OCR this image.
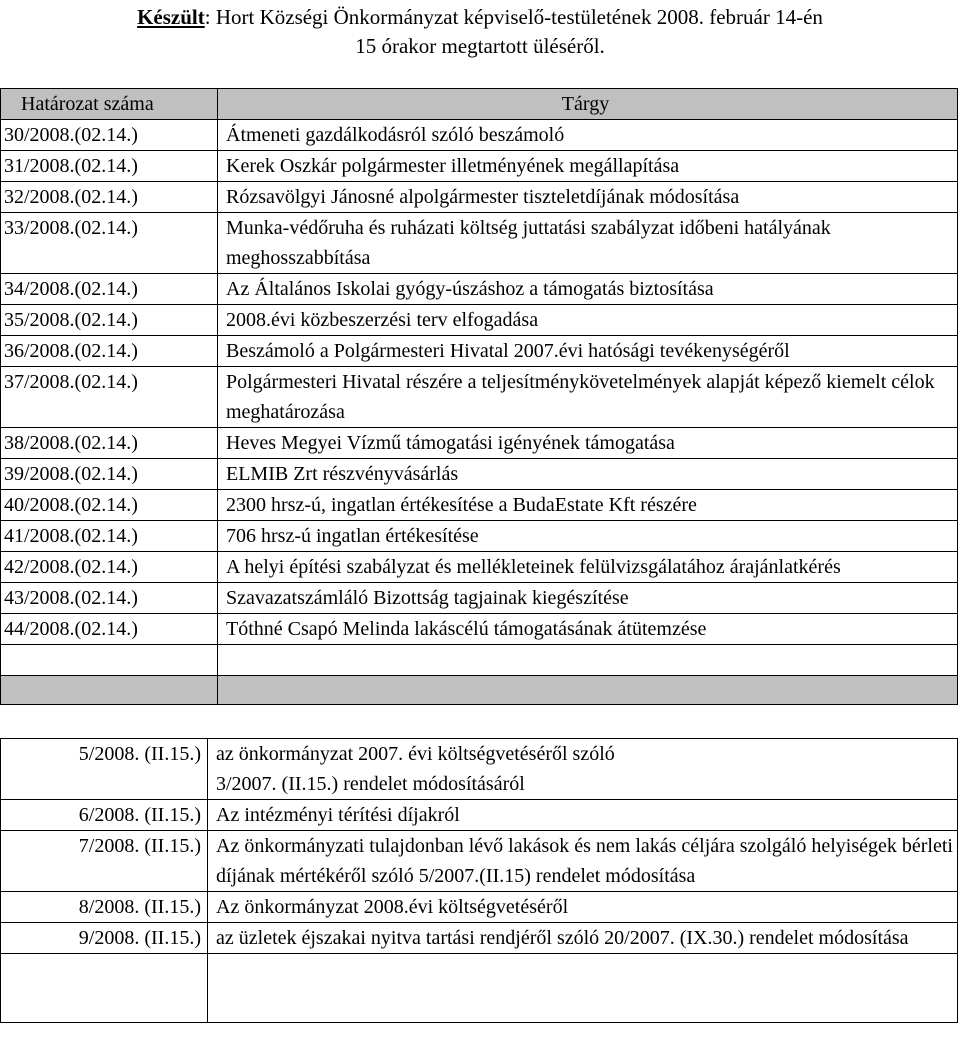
Készült: Hort Községi Önkormányzat képviselő-testületének 2008. február 14-én
15 órakor megtartott üléséről.
Határozat száma	Tárgy
30/2008.(02.14.)	Átmeneti gazdálkodásról szóló beszámoló
31/2008.(02.14.)	Kerek Oszkár polgármester illetményének megállapítása
32/2008.(02.14.)	Rózsavölgyi Jánosné alpolgármester tiszteletdíjának módosítása
33/2008.(02.14.)	Munka-védőruha és ruházati költség juttatási szabályzat időbeni hatályának meghosszabbítása
34/2008.(02.14.)	Az Általános Iskolai gyógy-úszáshoz a támogatás biztosítása
35/2008.(02.14.)	2008.évi közbeszerzési terv elfogadása
36/2008.(02.14.)	Beszámoló a Polgármesteri Hivatal 2007.évi hatósági tevékenységéről
37/2008.(02.14.)	Polgármesteri Hivatal részére a teljesítménykövetelmények alapját képező kiemelt célok meghatározása
38/2008.(02.14.)	Heves Megyei Vízmű támogatási igényének támogatása
39/2008.(02.14.)	ELMIB Zrt részvényvásárlás
40/2008.(02.14.)	2300 hrsz-ú, ingatlan értékesítése a BudaEstate Kft részére
41/2008.(02.14.)	706 hrsz-ú ingatlan értékesítése
42/2008.(02.14.)	A helyi építési szabályzat és mellékleteinek felülvizsgálatához árajánlatkérés
43/2008.(02.14.)	Szavazatszámláló Bizottság tagjainak kiegészítése
44/2008.(02.14.)	Tóthné Csapó Melinda lakáscélú támogatásának átütemzése

5/2008. (II.15.)	az önkormányzat 2007. évi költségvetéséről szóló
3/2007. (II.15.) rendelet módosításáról

6/2008. (II.15.)	Az intézményi térítési díjakról
7/2008. (II.15.)	Az önkormányzati tulajdonban lévő lakások és nem lakás céljára szolgáló helyiségek bérleti díjának mértékéről szóló 5/2007.(II.15) rendelet módosítása
8/2008. (II.15.)	Az önkormányzat 2008.évi költségvetéséről
9/2008. (II.15.)	az üzletek éjszakai nyitva tartási rendjéről szóló 20/2007. (IX.30.) rendelet módosítása
